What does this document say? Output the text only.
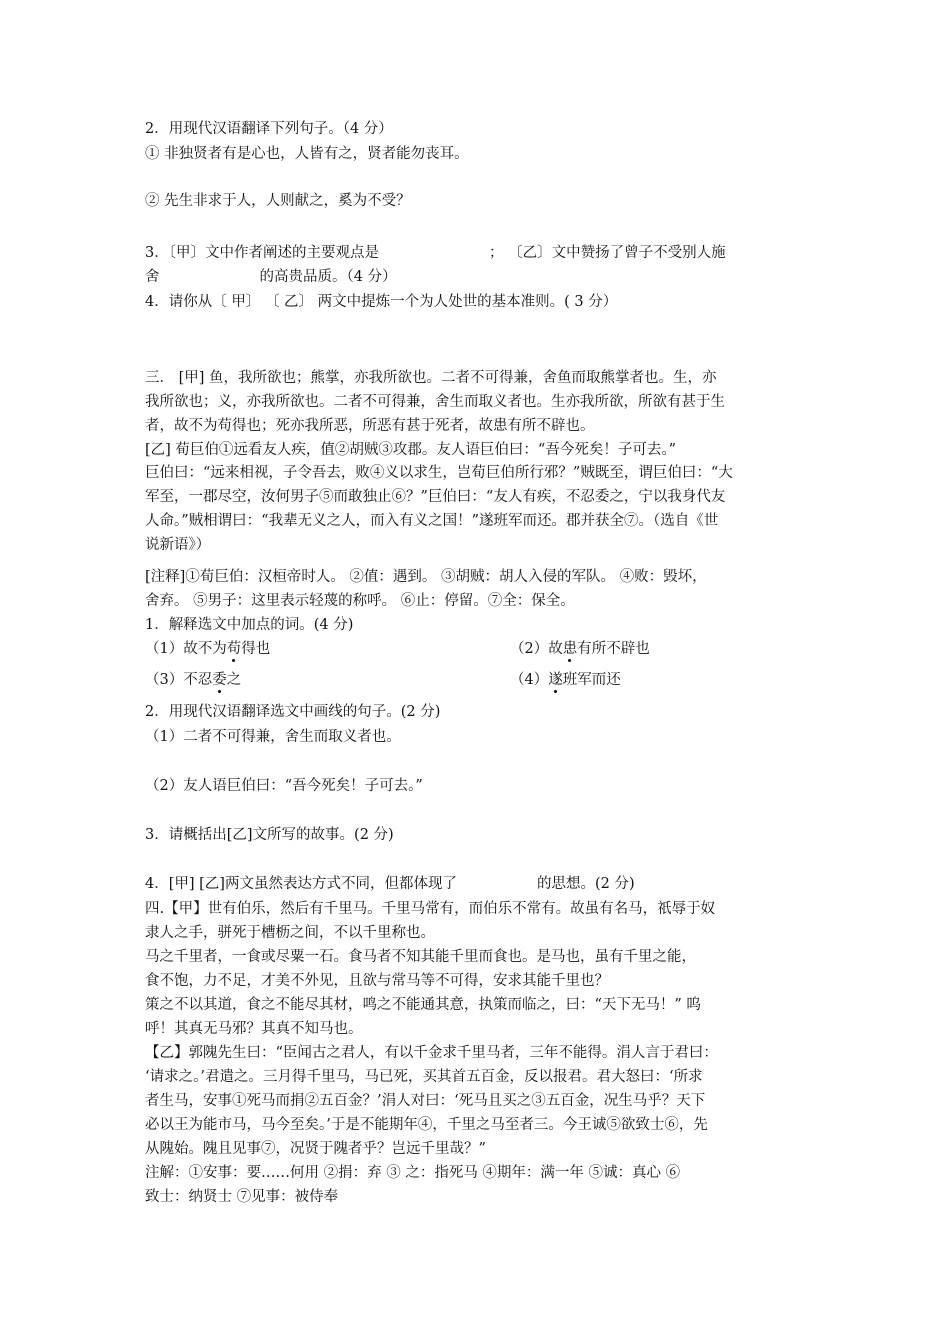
2．用现代汉语翻译下列句子。（4 分）
① 非独贤者有是心也，人皆有之，贤者能勿丧耳。
② 先生非求于人，人则献之，奚为不受？
3．〔甲〕文中作者阐述的主要观点是	； 〔乙〕文中赞扬了曾子不受别人施
舍	的高贵品质。（4 分）
4．请你从〔 甲〕 〔 乙〕 两文中提炼一个为人处世的基本准则。( 3 分）
三． [甲] 鱼，我所欲也；熊掌，亦我所欲也。二者不可得兼，舍鱼而取熊掌者也。生，亦
我所欲也；义，亦我所欲也。二者不可得兼，舍生而取义者也。生亦我所欲，所欲有甚于生
者，故不为苟得也；死亦我所恶，所恶有甚于死者，故患有所不辟也。
[乙] 荀巨伯①远看友人疾，值②胡贼③攻郡。友人语巨伯曰：“吾今死矣！子可去。”
巨伯曰：“远来相视，子令吾去，败④义以求生，岂荀巨伯所行邪？”贼既至，谓巨伯曰：“大
军至，一郡尽空，汝何男子⑤而敢独止⑥？”巨伯曰：“友人有疾，不忍委之，宁以我身代友
人命。”贼相谓曰：“我辈无义之人，而入有义之国！”遂班军而还。郡并获全⑦。（选自《世
说新语》）
[注释]①荀巨伯：汉桓帝时人。 ②值：遇到。 ③胡贼：胡人入侵的军队。 ④败：毁坏，
舍弃。 ⑤男子：这里表示轻蔑的称呼。 ⑥止：停留。⑦全：保全。
1．解释选文中加点的词。(4 分)
（1）故不为苟得也	（2）故患有所不辟也
（3）不忍委之	（4）遂班军而还
2．用现代汉语翻译选文中画线的句子。(2 分)
（1）二者不可得兼，舍生而取义者也。
（2）友人语巨伯曰：“吾今死矣！子可去。”
3．请概括出[乙]文所写的故事。(2 分)
4．[甲] [乙]两文虽然表达方式不同，但都体现了	的思想。(2 分)
四.【甲】世有伯乐，然后有千里马。千里马常有，而伯乐不常有。故虽有名马，祇辱于奴
隶人之手，骈死于槽枥之间，不以千里称也。
马之千里者，一食或尽粟一石。食马者不知其能千里而食也。是马也，虽有千里之能，
食不饱，力不足，才美不外见，且欲与常马等不可得，安求其能千里也？
策之不以其道，食之不能尽其材，鸣之不能通其意，执策而临之，曰：“天下无马！” 呜
呼！其真无马邪？其真不知马也。
【乙】郭隗先生曰：“臣闻古之君人，有以千金求千里马者，三年不能得。涓人言于君曰：
‘请求之。’君遣之。三月得千里马，马已死，买其首五百金，反以报君。君大怒曰：‘所求
者生马，安事①死马而捐②五百金？’涓人对曰：‘死马且买之③五百金，况生马乎？天下
必以王为能市马，马今至矣。’于是不能期年④，千里之马至者三。今王诚⑤欲致士⑥，先
从隗始。隗且见事⑦，况贤于隗者乎？岂远千里哉？”
注解：①安事：要……何用 ②捐：弃 ③ 之：指死马 ④期年：满一年 ⑤诚：真心 ⑥
致士：纳贤士 ⑦见事：被侍奉
